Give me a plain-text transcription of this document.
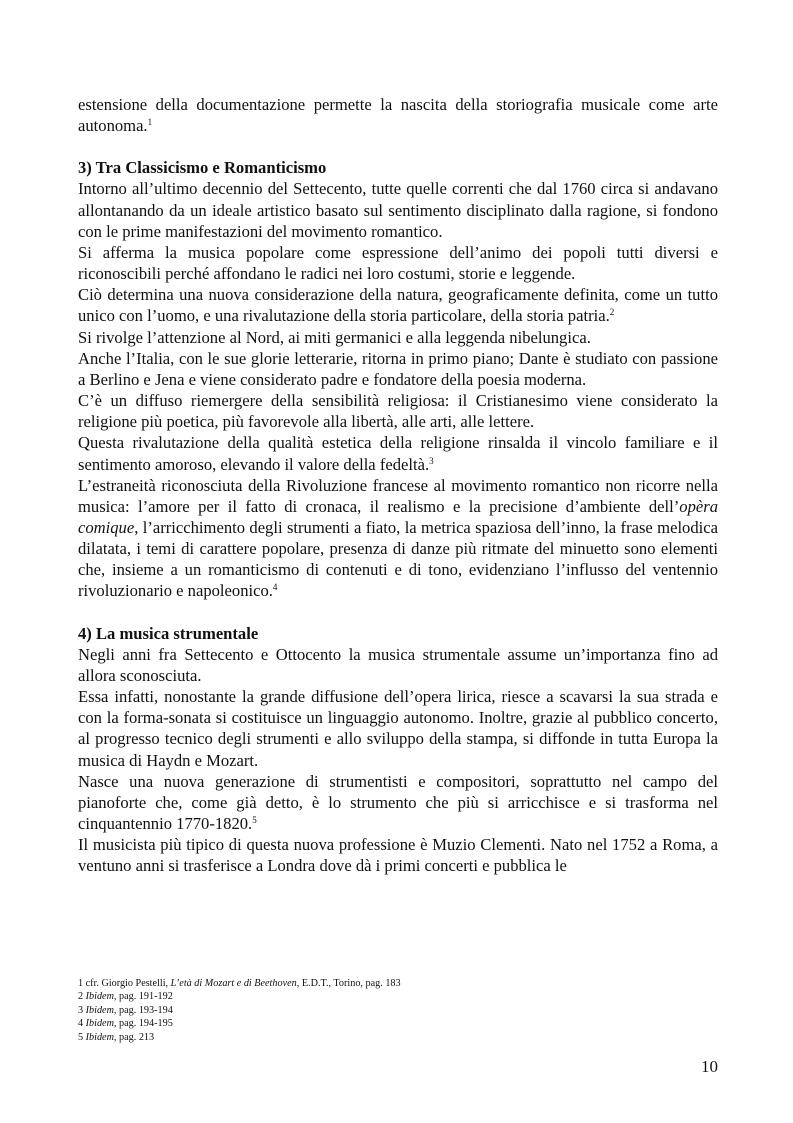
estensione della documentazione permette la nascita della storiografia musicale come arte autonoma.$^1$

3) Tra Classicismo e Romanticismo

Intorno all’ultimo decennio del Settecento, tutte quelle correnti che dal 1760 circa si andavano allontanando da un ideale artistico basato sul sentimento disciplinato dalla ragione, si fondono con le prime manifestazioni del movimento romantico.

Si afferma la musica popolare come espressione dell’animo dei popoli tutti diversi e riconoscibili perché affondano le radici nei loro costumi, storie e leggende.

Ciò determina una nuova considerazione della natura, geograficamente definita, come un tutto unico con l’uomo, e una rivalutazione della storia particolare, della storia patria.$^2$

Si rivolge l’attenzione al Nord, ai miti germanici e alla leggenda nibelungica.

Anche l’Italia, con le sue glorie letterarie, ritorna in primo piano; Dante è studiato con passione a Berlino e Jena e viene considerato padre e fondatore della poesia moderna.

C’è un diffuso riemergere della sensibilità religiosa: il Cristianesimo viene considerato la religione più poetica, più favorevole alla libertà, alle arti, alle lettere.

Questa rivalutazione della qualità estetica della religione rinsalda il vincolo familiare e il sentimento amoroso, elevando il valore della fedeltà.$^3$

L’estraneità riconosciuta della Rivoluzione francese al movimento romantico non ricorre nella musica: l’amore per il fatto di cronaca, il realismo e la precisione d’ambiente dell’opèra comique, l’arricchimento degli strumenti a fiato, la metrica spaziosa dell’inno, la frase melodica dilatata, i temi di carattere popolare, presenza di danze più ritmate del minuetto sono elementi che, insieme a un romanticismo di contenuti e di tono, evidenziano l’influsso del ventennio rivoluzionario e napoleonico.$^4$

4) La musica strumentale

Negli anni fra Settecento e Ottocento la musica strumentale assume un’importanza fino ad allora sconosciuta.

Essa infatti, nonostante la grande diffusione dell’opera lirica, riesce a scavarsi la sua strada e con la forma-sonata si costituisce un linguaggio autonomo. Inoltre, grazie al pubblico concerto, al progresso tecnico degli strumenti e allo sviluppo della stampa, si diffonde in tutta Europa la musica di Haydn e Mozart.

Nasce una nuova generazione di strumentisti e compositori, soprattutto nel campo del pianoforte che, come già detto, è lo strumento che più si arricchisce e si trasforma nel cinquantennio 1770-1820.$^5$

Il musicista più tipico di questa nuova professione è Muzio Clementi. Nato nel 1752 a Roma, a ventuno anni si trasferisce a Londra dove dà i primi concerti e pubblica le

1 cfr. Giorgio Pestelli, L’età di Mozart e di Beethoven, E.D.T., Torino, pag. 183
2 Ibidem, pag. 191-192
3 Ibidem, pag. 193-194
4 Ibidem, pag. 194-195
5 Ibidem, pag. 213
10
